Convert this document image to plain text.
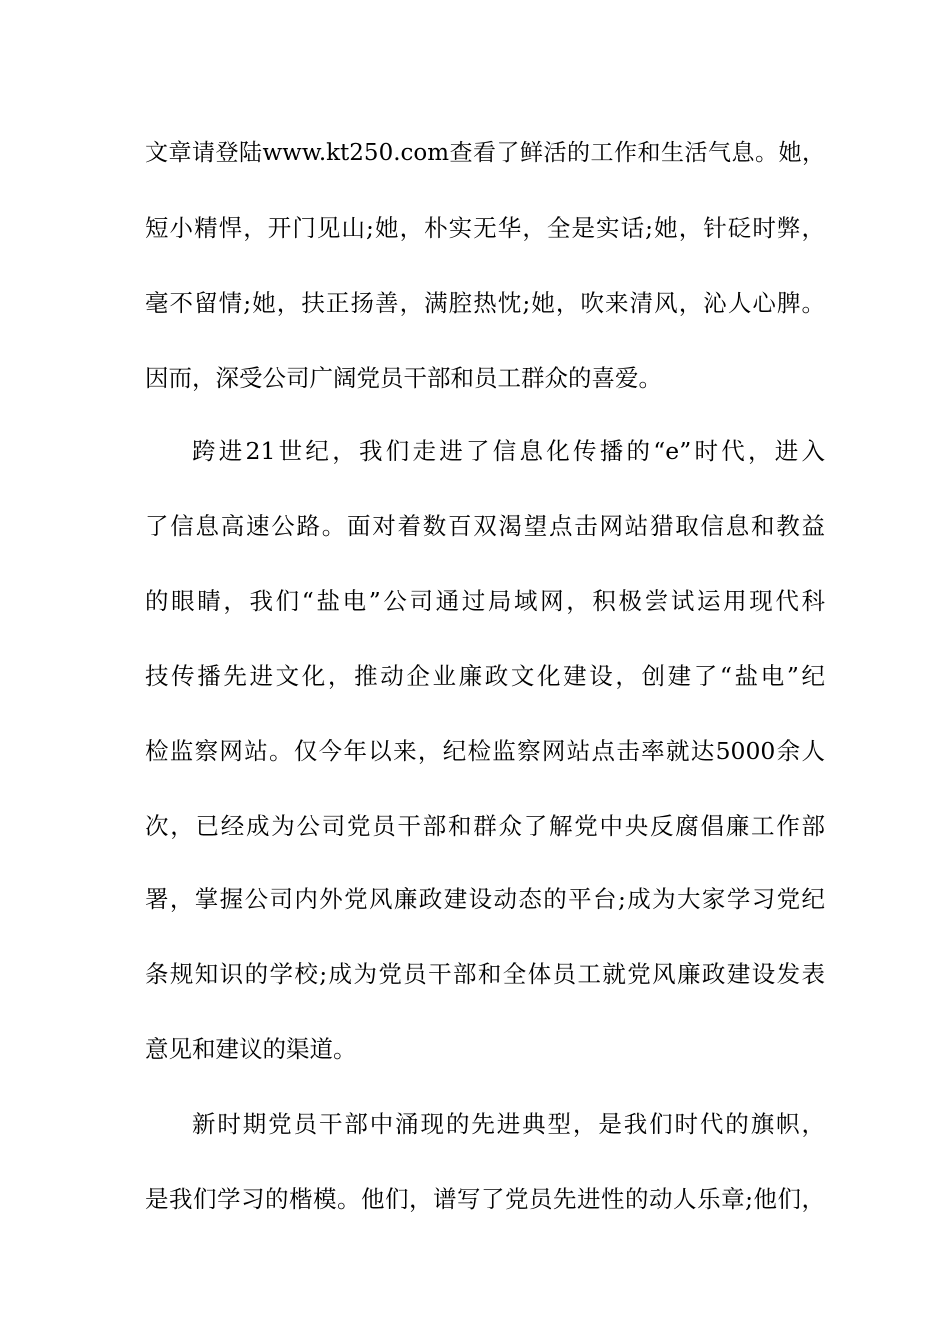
文章请登陆www.kt250.com查看了鲜活的工作和生活气息。她，
短小精悍，开门见山;她，朴实无华，全是实话;她，针砭时弊，
毫不留情;她，扶正扬善，满腔热忱;她，吹来清风，沁人心脾。
因而，深受公司广阔党员干部和员工群众的喜爱。
跨进21世纪，我们走进了信息化传播的“e”时代，进入
了信息高速公路。面对着数百双渴望点击网站猎取信息和教益
的眼睛，我们“盐电”公司通过局域网，积极尝试运用现代科
技传播先进文化，推动企业廉政文化建设，创建了“盐电”纪
检监察网站。仅今年以来，纪检监察网站点击率就达5000余人
次，已经成为公司党员干部和群众了解党中央反腐倡廉工作部
署，掌握公司内外党风廉政建设动态的平台;成为大家学习党纪
条规知识的学校;成为党员干部和全体员工就党风廉政建设发表
意见和建议的渠道。
新时期党员干部中涌现的先进典型，是我们时代的旗帜，
是我们学习的楷模。他们，谱写了党员先进性的动人乐章;他们，
